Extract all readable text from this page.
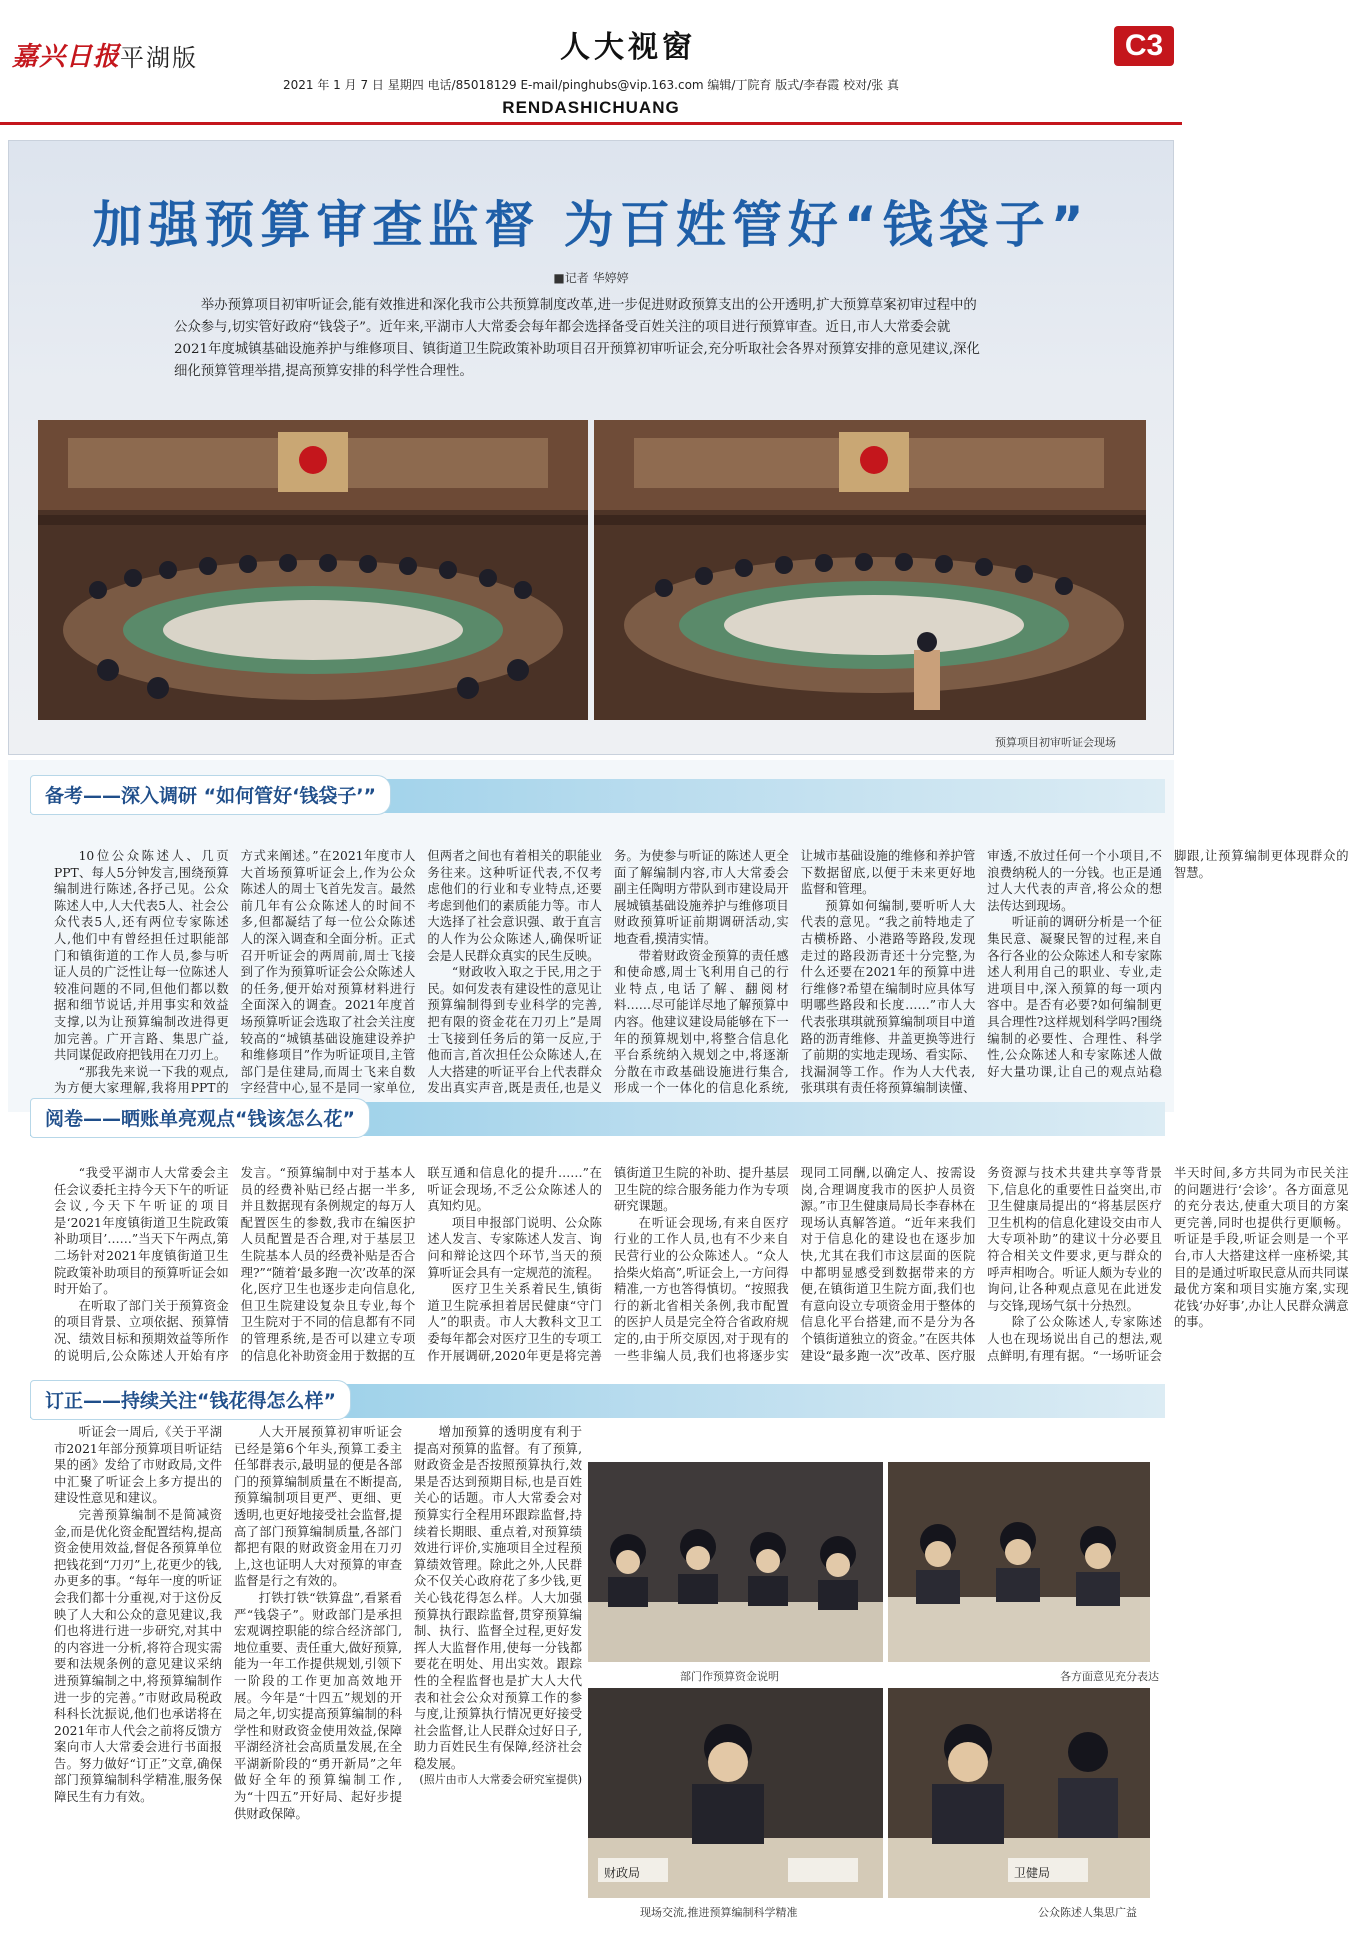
嘉兴日报 平湖版	人大视窗	C3
2021 年 1 月 7 日 星期四 电话/85018129 E-mail/pinghubs@vip.163.com 编辑/丁院育 版式/李春霞 校对/张 真
RENDASHICHUANG
加强预算审查监督 为百姓管好“钱袋子”
■记者 华婷婷
举办预算项目初审听证会,能有效推进和深化我市公共预算制度改革,进一步促进财政预算支出的公开透明,扩大预算草案初审过程中的公众参与,切实管好政府“钱袋子”。近年来,平湖市人大常委会每年都会选择备受百姓关注的项目进行预算审查。近日,市人大常委会就2021年度城镇基础设施养护与维修项目、镇街道卫生院政策补助项目召开预算初审听证会,充分听取社会各界对预算安排的意见建议,深化细化预算管理举措,提高预算安排的科学性合理性。
预算项目初审听证会现场
备考——深入调研 “如何管好‘钱袋子’”

10位公众陈述人、几页PPT、每人5分钟发言,围绕预算编制进行陈述,各抒己见。公众陈述人中,人大代表5人、社会公众代表5人,还有两位专家陈述人,他们中有曾经担任过职能部门和镇街道的工作人员,参与听证人员的广泛性让每一位陈述人较准问题的不同,但他们都以数据和细节说话,并用事实和效益支撑,以为让预算编制改进得更加完善。广开言路、集思广益,共同谋促政府把钱用在刀刃上。

“那我先来说一下我的观点,为方便大家理解,我将用PPT的方式来阐述。”在2021年度市人大首场预算听证会上,作为公众陈述人的周士飞首先发言。最然前几年有公众陈述人的时间不多,但都凝结了每一位公众陈述人的深入调查和全面分析。正式召开听证会的两周前,周士飞接到了作为预算听证会公众陈述人的任务,便开始对预算材料进行全面深入的调查。2021年度首场预算听证会选取了社会关注度较高的“城镇基础设施建设养护和维修项目”作为听证项目,主管部门是住建局,而周士飞来自数字经营中心,显不是同一家单位,但两者之间也有着相关的职能业务往来。这种听证代表,不仅考虑他们的行业和专业特点,还要考虑到他们的素质能力等。市人大选择了社会意识强、敢于直言的人作为公众陈述人,确保听证会是人民群众真实的民生反映。

“财政收入取之于民,用之于民。如何发表有建设性的意见让预算编制得到专业科学的完善,把有限的资金花在刀刃上”是周士飞接到任务后的第一反应,于他而言,首次担任公众陈述人,在人大搭建的听证平台上代表群众发出真实声音,既是责任,也是义务。为使参与听证的陈述人更全面了解编制内容,市人大常委会副主任陶明方带队到市建设局开展城镇基础设施养护与维修项目财政预算听证前期调研活动,实地查看,摸清实情。

带着财政资金预算的责任感和使命感,周士飞利用自己的行业特点,电话了解、翻阅材料……尽可能详尽地了解预算中内容。他建议建设局能够在下一年的预算规划中,将整合信息化平台系统纳入规划之中,将逐渐分散在市政基础设施进行集合,形成一个一体化的信息化系统,让城市基础设施的维修和养护管下数据留底,以便于未来更好地监督和管理。

预算如何编制,要听听人大代表的意见。“我之前特地走了古横桥路、小港路等路段,发现走过的路段沥青还十分完整,为什么还要在2021年的预算中进行维修?希望在编制时应具体写明哪些路段和长度……”市人大代表张琪琪就预算编制项目中道路的沥青维修、井盖更换等进行了前期的实地走现场、看实际、找漏洞等工作。作为人大代表,张琪琪有责任将预算编制读懂、审透,不放过任何一个小项目,不浪费纳税人的一分钱。也正是通过人大代表的声音,将公众的想法传达到现场。

听证前的调研分析是一个征集民意、凝聚民智的过程,来自各行各业的公众陈述人和专家陈述人利用自己的职业、专业,走进项目中,深入预算的每一项内容中。是否有必要?如何编制更具合理性?这样规划科学吗?围绕编制的必要性、合理性、科学性,公众陈述人和专家陈述人做好大量功课,让自己的观点站稳脚跟,让预算编制更体现群众的智慧。

阅卷——晒账单亮观点“钱该怎么花”

“我受平湖市人大常委会主任会议委托主持今天下午的听证会议,今天下午听证的项目是‘2021年度镇街道卫生院政策补助项目’……”当天下午两点,第二场针对2021年度镇街道卫生院政策补助项目的预算听证会如时开始了。

在听取了部门关于预算资金的项目背景、立项依据、预算情况、绩效目标和预期效益等所作的说明后,公众陈述人开始有序发言。“预算编制中对于基本人员的经费补贴已经占据一半多,并且数据现有条例规定的每万人配置医生的参数,我市在编医护人员配置是否合理,对于基层卫生院基本人员的经费补贴是否合理?”“随着‘最多跑一次’改革的深化,医疗卫生也逐步走向信息化,但卫生院建设复杂且专业,每个卫生院对于不同的信息都有不同的管理系统,是否可以建立专项的信息化补助资金用于数据的互联互通和信息化的提升……”在听证会现场,不乏公众陈述人的真知灼见。

项目申报部门说明、公众陈述人发言、专家陈述人发言、询问和辩论这四个环节,当天的预算听证会具有一定规范的流程。

医疗卫生关系着民生,镇街道卫生院承担着居民健康“守门人”的职责。市人大教科文卫工委每年都会对医疗卫生的专项工作开展调研,2020年更是将完善镇街道卫生院的补助、提升基层卫生院的综合服务能力作为专项研究课题。

在听证会现场,有来自医疗行业的工作人员,也有不少来自民营行业的公众陈述人。“众人拾柴火焰高”,听证会上,一方问得精准,一方也答得慎切。“按照我行的新北省相关条例,我市配置的医护人员是完全符合省政府规定的,由于所交原因,对于现有的一些非编人员,我们也将逐步实现同工同酬,以确定人、按需设岗,合理调度我市的医护人员资源。”市卫生健康局局长李春林在现场认真解答道。“近年来我们对于信息化的建设也在逐步加快,尤其在我们市这层面的医院中都明显感受到数据带来的方便,在镇街道卫生院方面,我们也有意向设立专项资金用于整体的信息化平台搭建,而不是分为各个镇街道独立的资金。”在医共体建设“最多跑一次”改革、医疗服务资源与技术共建共享等背景下,信息化的重要性日益突出,市卫生健康局提出的“将基层医疗卫生机构的信息化建设交由市人大专项补助”的建议十分必要且符合相关文件要求,更与群众的呼声相吻合。听证人颇为专业的询问,让各种观点意见在此迸发与交锋,现场气氛十分热烈。

除了公众陈述人,专家陈述人也在现场说出自己的想法,观点鲜明,有理有据。“一场听证会半天时间,多方共同为市民关注的问题进行‘会诊’。各方面意见的充分表达,使重大项目的方案更完善,同时也提供行更顺畅。听证是手段,听证会则是一个平台,市人大搭建这样一座桥梁,其目的是通过听取民意从而共同谋最优方案和项目实施方案,实现花钱‘办好事’,办让人民群众满意的事。

订正——持续关注“钱花得怎么样”

听证会一周后,《关于平湖市2021年部分预算项目听证结果的函》发给了市财政局,文件中汇聚了听证会上多方提出的建设性意见和建议。

完善预算编制不是简减资金,而是优化资金配置结构,提高资金使用效益,督促各预算单位把钱花到“刀刃”上,花更少的钱,办更多的事。“每年一度的听证会我们都十分重视,对于这份反映了人大和公众的意见建议,我们也将进行进一步研究,对其中的内容进一分析,将符合现实需要和法规条例的意见建议采纳进预算编制之中,将预算编制作进一步的完善。”市财政局税政科科长沈振说,他们也承诺将在2021年市人代会之前将反馈方案向市人大常委会进行书面报告。努力做好“订正”文章,确保部门预算编制科学精准,服务保障民生有力有效。

人大开展预算初审听证会已经是第6个年头,预算工委主任邹群表示,最明显的便是各部门的预算编制质量在不断提高,预算编制项目更严、更细、更透明,也更好地接受社会监督,提高了部门预算编制质量,各部门都把有限的财政资金用在刀刃上,这也证明人大对预算的审查监督是行之有效的。

打铁打铁“铁算盘”,看紧看严“钱袋子”。财政部门是承担宏观调控职能的综合经济部门,地位重要、责任重大,做好预算,能为一年工作提供规划,引领下一阶段的工作更加高效地开展。今年是“十四五”规划的开局之年,切实提高预算编制的科学性和财政资金使用效益,保障平湖经济社会高质量发展,在全平湖新阶段的“勇开新局”之年做好全年的预算编制工作,为“十四五”开好局、起好步提供财政保障。

增加预算的透明度有利于提高对预算的监督。有了预算,财政资金是否按照预算执行,效果是否达到预期目标,也是百姓关心的话题。市人大常委会对预算实行全程用环跟踪监督,持续着长期眼、重点着,对预算绩效进行评价,实施项目全过程预算绩效管理。除此之外,人民群众不仅关心政府花了多少钱,更关心钱花得怎么样。人大加强预算执行跟踪监督,贯穿预算编制、执行、监督全过程,更好发挥人大监督作用,使每一分钱都要花在明处、用出实效。跟踪性的全程监督也是扩大人大代表和社会公众对预算工作的参与度,让预算执行情况更好接受社会监督,让人民群众过好日子,助力百姓民生有保障,经济社会稳发展。

(照片由市人大常委会研究室提供)

部门作预算资金说明	各方面意见充分表达
财政局
现场交流,推进预算编制科学精准
卫健局
公众陈述人集思广益
